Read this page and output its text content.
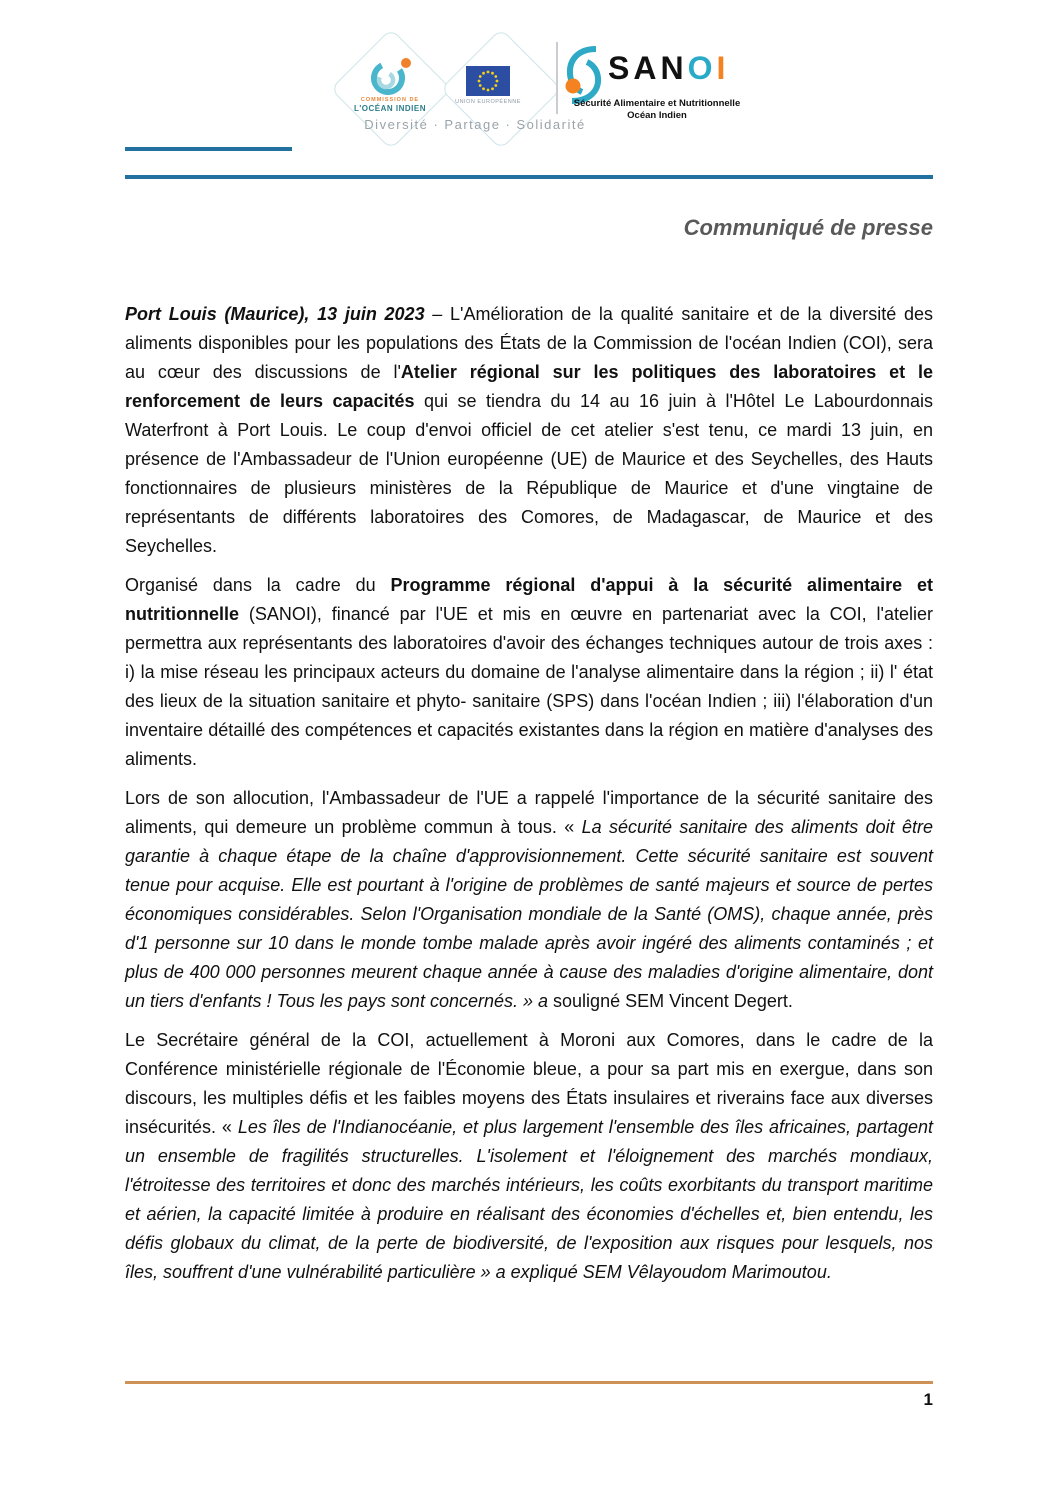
COMMISSION DE
L'OCÉAN INDIEN
UNION EUROPÉENNE
Diversité · Partage · Solidarité
SANOI
Sécurité Alimentaire et Nutritionnelle
Océan Indien
Communiqué de presse

Port Louis (Maurice), 13 juin 2023 – L'Amélioration de la qualité sanitaire et de la diversité des aliments disponibles pour les populations des États de la Commission de l'océan Indien (COI), sera au cœur des discussions de l'Atelier régional sur les politiques des laboratoires et le renforcement de leurs capacités qui se tiendra du 14 au 16 juin à l'Hôtel Le Labourdonnais Waterfront à Port Louis. Le coup d'envoi officiel de cet atelier s'est tenu, ce mardi 13 juin, en présence de l'Ambassadeur de l'Union européenne (UE) de Maurice et des Seychelles, des Hauts fonctionnaires de plusieurs ministères de la République de Maurice et d'une vingtaine de représentants de différents laboratoires des Comores, de Madagascar, de Maurice et des Seychelles.

Organisé dans la cadre du Programme régional d'appui à la sécurité alimentaire et nutritionnelle (SANOI), financé par l'UE et mis en œuvre en partenariat avec la COI, l'atelier permettra aux représentants des laboratoires d'avoir des échanges techniques autour de trois axes : i) la mise réseau les principaux acteurs du domaine de l'analyse alimentaire dans la région ; ii) l' état des lieux de la situation sanitaire et phyto- sanitaire (SPS) dans l'océan Indien ; iii) l'élaboration d'un inventaire détaillé des compétences et capacités existantes dans la région en matière d'analyses des aliments.

Lors de son allocution, l'Ambassadeur de l'UE a rappelé l'importance de la sécurité sanitaire des aliments, qui demeure un problème commun à tous. « La sécurité sanitaire des aliments doit être garantie à chaque étape de la chaîne d'approvisionnement. Cette sécurité sanitaire est souvent tenue pour acquise. Elle est pourtant à l'origine de problèmes de santé majeurs et source de pertes économiques considérables. Selon l'Organisation mondiale de la Santé (OMS), chaque année, près d'1 personne sur 10 dans le monde tombe malade après avoir ingéré des aliments contaminés ; et plus de 400 000 personnes meurent chaque année à cause des maladies d'origine alimentaire, dont un tiers d'enfants ! Tous les pays sont concernés. » a souligné SEM Vincent Degert.

Le Secrétaire général de la COI, actuellement à Moroni aux Comores, dans le cadre de la Conférence ministérielle régionale de l'Économie bleue, a pour sa part mis en exergue, dans son discours, les multiples défis et les faibles moyens des États insulaires et riverains face aux diverses insécurités. « Les îles de l'Indianocéanie, et plus largement l'ensemble des îles africaines, partagent un ensemble de fragilités structurelles. L'isolement et l'éloignement des marchés mondiaux, l'étroitesse des territoires et donc des marchés intérieurs, les coûts exorbitants du transport maritime et aérien, la capacité limitée à produire en réalisant des économies d'échelles et, bien entendu, les défis globaux du climat, de la perte de biodiversité, de l'exposition aux risques pour lesquels, nos îles, souffrent d'une vulnérabilité particulière » a expliqué SEM Vêlayoudom Marimoutou.

1
